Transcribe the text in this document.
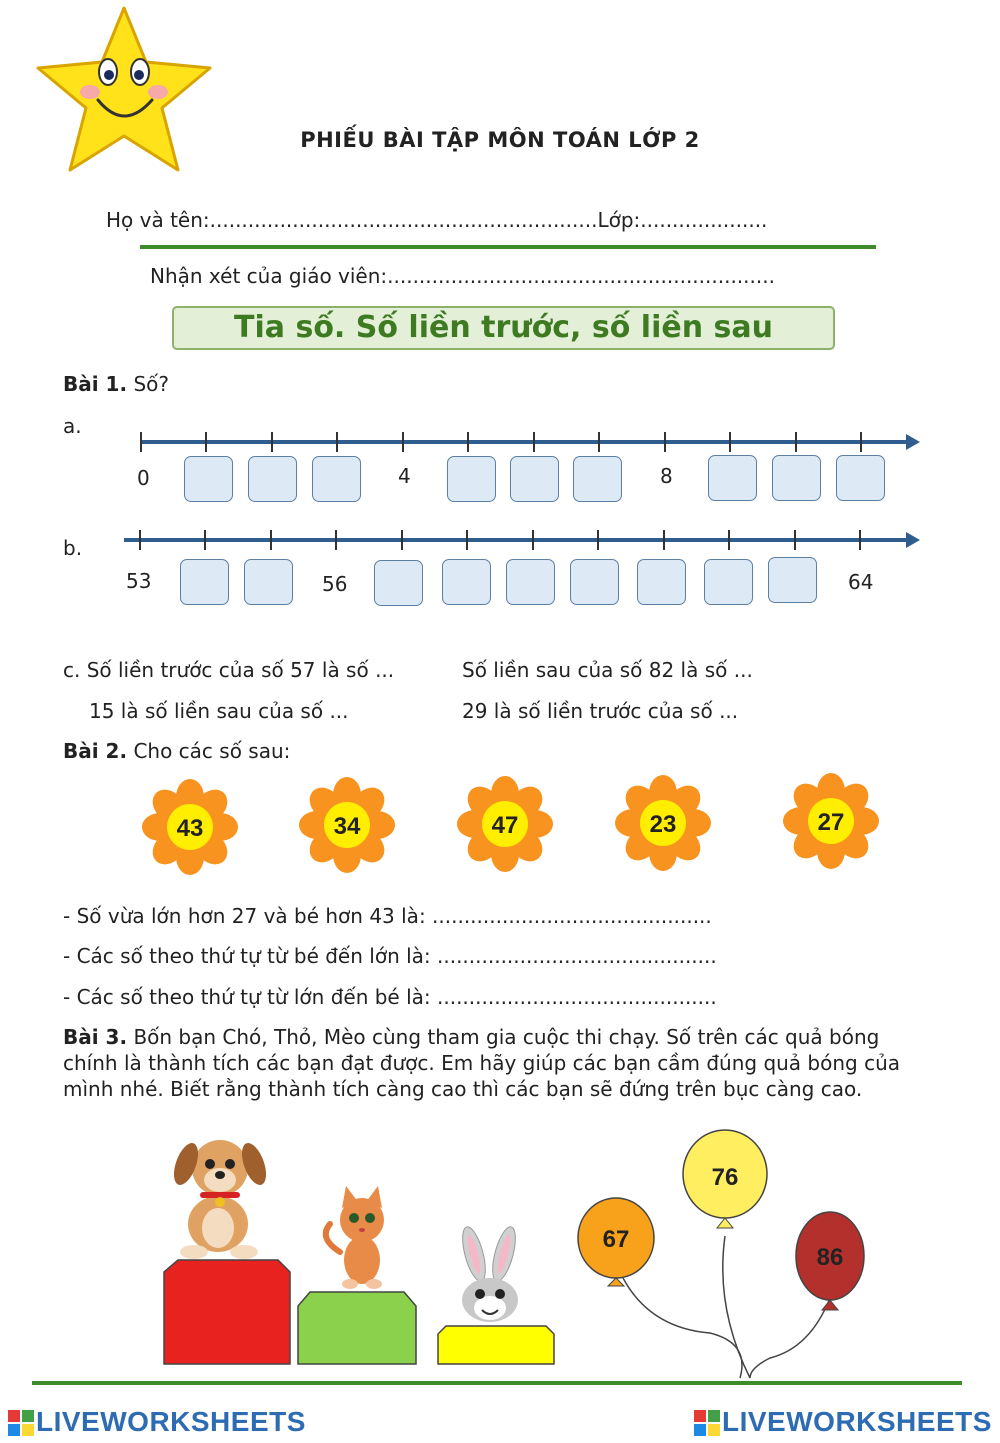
PHIẾU BÀI TẬP MÔN TOÁN LỚP 2
Họ và tên:.............................................................Lớp:....................
Nhận xét của giáo viên:.............................................................
Tia số. Số liền trước, số liền sau
Bài 1. Số?
a.
0	4	8
b.
53	56	64
c. Số liền trước của số 57 là số ...	Số liền sau của số 82 là số ...
15 là số liền sau của số ...	29 là số liền trước của số ...
Bài 2. Cho các số sau:
43	34	47	23	27
- Số vừa lớn hơn 27 và bé hơn 43 là: ............................................
- Các số theo thứ tự từ bé đến lớn là: ............................................
- Các số theo thứ tự từ lớn đến bé là: ............................................
Bài 3. Bốn bạn Chó, Thỏ, Mèo cùng tham gia cuộc thi chạy. Số trên các quả bóng chính là thành tích các bạn đạt được. Em hãy giúp các bạn cầm đúng quả bóng của mình nhé. Biết rằng thành tích càng cao thì các bạn sẽ đứng trên bục càng cao.
67
76
86
LIVEWORKSHEETS	LIVEWORKSHEETS
